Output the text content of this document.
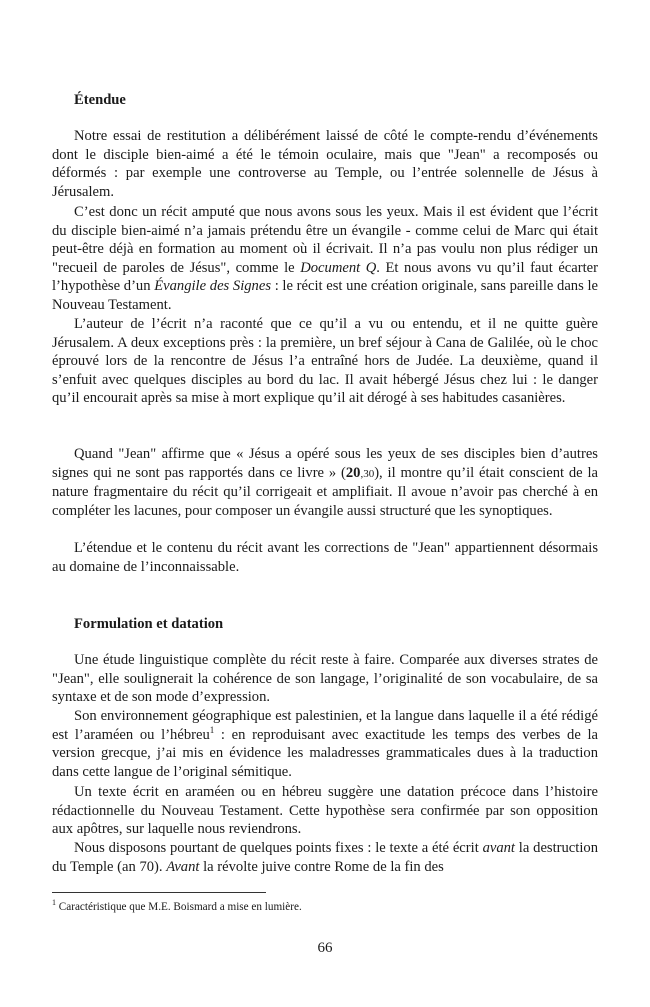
Étendue

Notre essai de restitution a délibérément laissé de côté le compte-rendu d’événements dont le disciple bien-aimé a été le témoin oculaire, mais que "Jean" a recomposés ou déformés : par exemple une controverse au Temple, ou l’entrée solennelle de Jésus à Jérusalem.

C’est donc un récit amputé que nous avons sous les yeux. Mais il est évident que l’écrit du disciple bien-aimé n’a jamais prétendu être un évangile - comme celui de Marc qui était peut-être déjà en formation au moment où il écrivait. Il n’a pas voulu non plus rédiger un "recueil de paroles de Jésus", comme le Document Q. Et nous avons vu qu’il faut écarter l’hypothèse d’un Évangile des Signes : le récit est une création originale, sans pareille dans le Nouveau Testament.

L’auteur de l’écrit n’a raconté que ce qu’il a vu ou entendu, et il ne quitte guère Jérusalem. A deux exceptions près : la première, un bref séjour à Cana de Galilée, où le choc éprouvé lors de la rencontre de Jésus l’a entraîné hors de Judée. La deuxième, quand il s’enfuit avec quelques disciples au bord du lac. Il avait hébergé Jésus chez lui : le danger qu’il encourait après sa mise à mort explique qu’il ait dérogé à ses habitudes casanières.

Quand "Jean" affirme que « Jésus a opéré sous les yeux de ses disciples bien d’autres signes qui ne sont pas rapportés dans ce livre » (20,30), il montre qu’il était conscient de la nature fragmentaire du récit qu’il corrigeait et amplifiait. Il avoue n’avoir pas cherché à en compléter les lacunes, pour composer un évangile aussi structuré que les synoptiques.

L’étendue et le contenu du récit avant les corrections de "Jean" appartiennent désormais au domaine de l’inconnaissable.

Formulation et datation

Une étude linguistique complète du récit reste à faire. Comparée aux diverses strates de "Jean", elle soulignerait la cohérence de son langage, l’originalité de son vocabulaire, de sa syntaxe et de son mode d’expression.

Son environnement géographique est palestinien, et la langue dans laquelle il a été rédigé est l’araméen ou l’hébreu$^1$ : en reproduisant avec exactitude les temps des verbes de la version grecque, j’ai mis en évidence les maladresses grammaticales dues à la traduction dans cette langue de l’original sémitique.

Un texte écrit en araméen ou en hébreu suggère une datation précoce dans l’histoire rédactionnelle du Nouveau Testament. Cette hypothèse sera confirmée par son opposition aux apôtres, sur laquelle nous reviendrons.

Nous disposons pourtant de quelques points fixes : le texte a été écrit avant la destruction du Temple (an 70). Avant la révolte juive contre Rome de la fin des

$^1$ Caractéristique que M.E. Boismard a mise en lumière.
66
